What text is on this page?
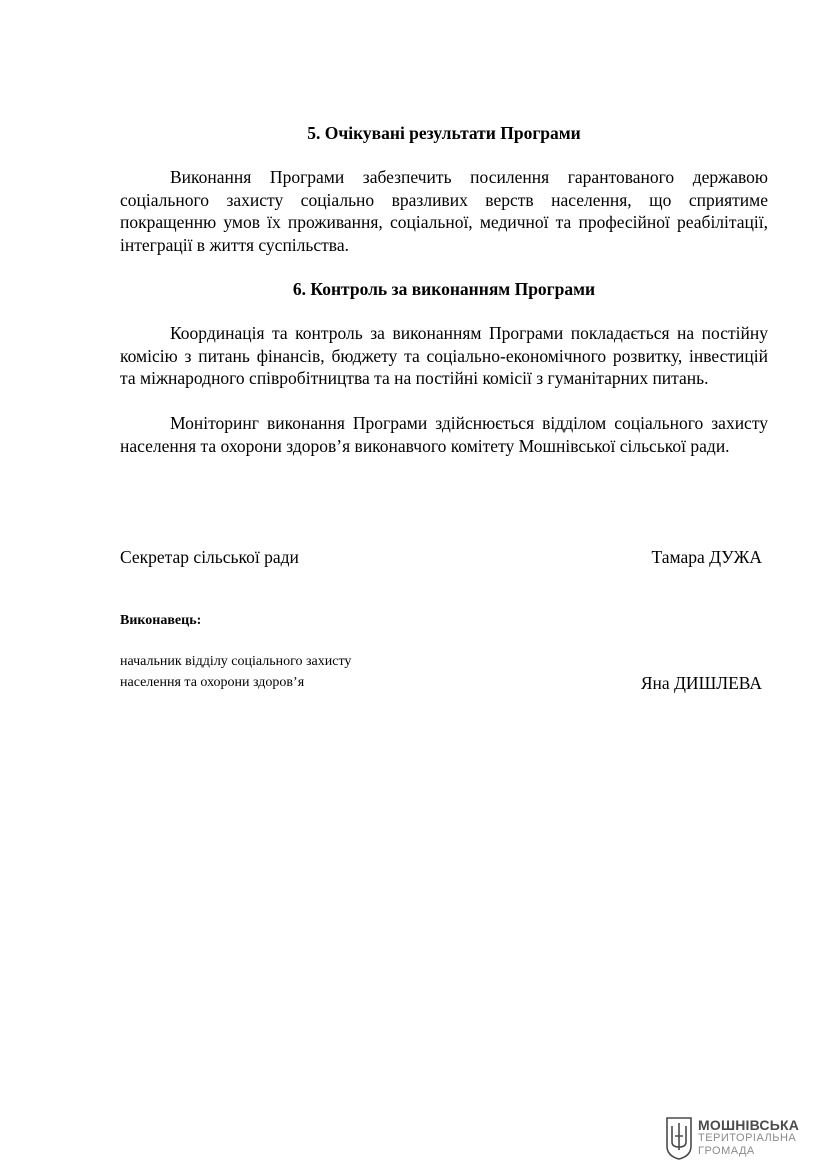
5. Очікувані результати Програми

Виконання Програми забезпечить посилення гарантованого державою соціального захисту соціально вразливих верств населення, що сприятиме покращенню умов їх проживання, соціальної, медичної та професійної реабілітації, інтеграції в життя суспільства.

6. Контроль за виконанням Програми

Координація та контроль за виконанням Програми покладається на постійну комісію з питань фінансів, бюджету та соціально-економічного розвитку, інвестицій та міжнародного співробітництва та на постійні комісії з гуманітарних питань.

Моніторинг виконання Програми здійснюється відділом соціального захисту населення та охорони здоров’я виконавчого комітету Мошнівської сільської ради.

Секретар сільської ради	Тамара ДУЖА
Виконавець:
начальник відділу соціального захисту
населення та охорони здоров’я	Яна ДИШЛЕВА
МОШНІВСЬКА
ТЕРИТОРІАЛЬНА
ГРОМАДА
